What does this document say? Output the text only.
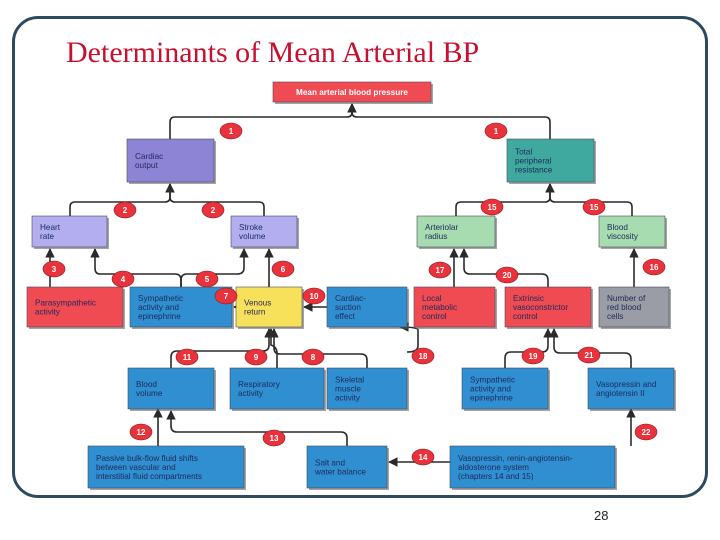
Determinants of Mean Arterial BP
Mean arterial blood pressure
Cardiac output
Total peripheral resistance
Heart rate
Stroke volume
Arteriolar radius
Blood viscosity
Parasympathetic activity
Sympathetic activity and epinephrine
Venous return
Cardiac-suction effect
Local metabolic control
Extrinsic vasoconstrictor control
Number of red blood cells
Blood volume
Respiratory activity
Skeletal muscle activity
Sympathetic activity and epinephrine
Vasopressin and angiotensin II
Passive bulk-flow fluid shifts between vascular and interstitial fluid compartments
Salt and water balance
Vasopressin, renin-angiotensin-aldosterone system (chapters 14 and 15)
1	1
2	2	15	15
3
4	5
6
7	10
17
20
16
11	9	8	18	19	21
12
13
14
22
28
